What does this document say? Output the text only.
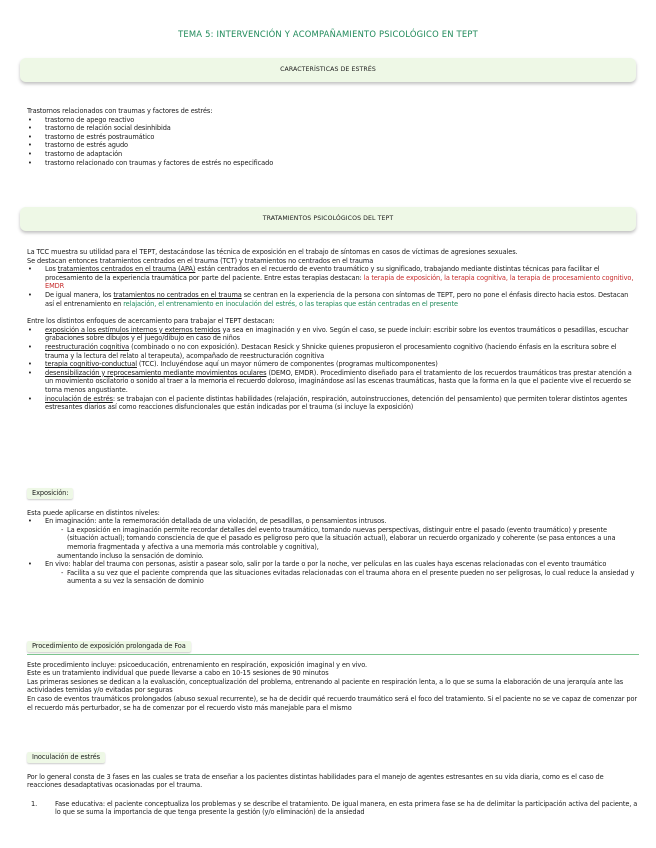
TEMA 5: INTERVENCIÓN Y ACOMPAÑAMIENTO PSICOLÓGICO EN TEPT
CARACTERÍSTICAS DE ESTRÉS

Trastornos relacionados con traumas y factores de estrés:

• trastorno de apego reactivo
• trastorno de relación social desinhibida
• trastorno de estrés postraumático
• trastorno de estrés agudo
• trastorno de adaptación
• trastorno relacionado con traumas y factores de estrés no especificado
TRATAMIENTOS PSICOLÓGICOS DEL TEPT

La TCC muestra su utilidad para el TEPT, destacándose las técnica de exposición en el trabajo de síntomas en casos de víctimas de agresiones sexuales.

Se destacan entonces tratamientos centrados en el trauma (TCT) y tratamientos no centrados en el trauma

• Los tratamientos centrados en el trauma (APA) están centrados en el recuerdo de evento traumático y su significado, trabajando mediante distintas técnicas para facilitar el procesamiento de la experiencia traumática por parte del paciente. Entre estas terapias destacan: la terapia de exposición, la terapia cognitiva, la terapia de procesamiento cognitivo, EMDR
• De igual manera, los tratamientos no centrados en el trauma se centran en la experiencia de la persona con síntomas de TEPT, pero no pone el énfasis directo hacia estos. Destacan así el entrenamiento en relajación, el entrenamiento en inoculación del estrés, o las terapias que están centradas en el presente

Entre los distintos enfoques de acercamiento para trabajar el TEPT destacan:

• exposición a los estímulos internos y externos temidos ya sea en imaginación y en vivo. Según el caso, se puede incluir: escribir sobre los eventos traumáticos o pesadillas, escuchar grabaciones sobre dibujos y el juego/dibujo en caso de niños
• reestructuración cognitiva (combinado o no con exposición). Destacan Resick y Shnicke quienes propusieron el procesamiento cognitivo (haciendo énfasis en la escritura sobre el trauma y la lectura del relato al terapeuta), acompañado de reestructuración cognitiva
• terapia cognitivo-conductual (TCC). Incluyéndose aquí un mayor número de componentes (programas multicomponentes)
• desensibilización y reprocesamiento mediante movimientos oculares (DEMO, EMDR). Procedimiento diseñado para el tratamiento de los recuerdos traumáticos tras prestar atención a un movimiento oscilatorio o sonido al traer a la memoria el recuerdo doloroso, imaginándose así las escenas traumáticas, hasta que la forma en la que el paciente vive el recuerdo se torna menos angustiante.
• inoculación de estrés: se trabajan con el paciente distintas habilidades (relajación, respiración, autoinstrucciones, detención del pensamiento) que permiten tolerar distintos agentes estresantes diarios así como reacciones disfuncionales que están indicadas por el trauma (si incluye la exposición)

Exposición:

Esta puede aplicarse en distintos niveles:

• En imaginación: ante la rememoración detallada de una violación, de pesadillas, o pensamientos intrusos.
- La exposición en imaginación permite recordar detalles del evento traumático, tomando nuevas perspectivas, distinguir entre el pasado (evento traumático) y presente (situación actual); tomando consciencia de que el pasado es peligroso pero que la situación actual), elaborar un recuerdo organizado y coherente (se pasa entonces a una memoria fragmentada y afectiva a una memoria más controlable y cognitiva),

aumentando incluso la sensación de dominio.

• En vivo: hablar del trauma con personas, asistir a pasear solo, salir por la tarde o por la noche, ver películas en las cuales haya escenas relacionadas con el evento traumático
- Facilita a su vez que el paciente comprenda que las situaciones evitadas relacionadas con el trauma ahora en el presente pueden no ser peligrosas, lo cual reduce la ansiedad y aumenta a su vez la sensación de dominio

Procedimiento de exposición prolongada de Foa

Este procedimiento incluye: psicoeducación, entrenamiento en respiración, exposición imaginal y en vivo.

Este es un tratamiento individual que puede llevarse a cabo en 10-15 sesiones de 90 minutos

Las primeras sesiones se dedican a la evaluación, conceptualización del problema, entrenando al paciente en respiración lenta, a lo que se suma la elaboración de una jerarquía ante las actividades temidas y/o evitadas por seguras

En caso de eventos traumáticos prolongados (abuso sexual recurrente), se ha de decidir qué recuerdo traumático será el foco del tratamiento. Si el paciente no se ve capaz de comenzar por el recuerdo más perturbador, se ha de comenzar por el recuerdo visto más manejable para el mismo

Inoculación de estrés

Por lo general consta de 3 fases en las cuales se trata de enseñar a los pacientes distintas habilidades para el manejo de agentes estresantes en su vida diaria, como es el caso de reacciones desadaptativas ocasionadas por el trauma.

1.	Fase educativa: el paciente conceptualiza los problemas y se describe el tratamiento. De igual manera, en esta primera fase se ha de delimitar la participación activa del paciente, a lo que se suma la importancia de que tenga presente la gestión (y/o eliminación) de la ansiedad
